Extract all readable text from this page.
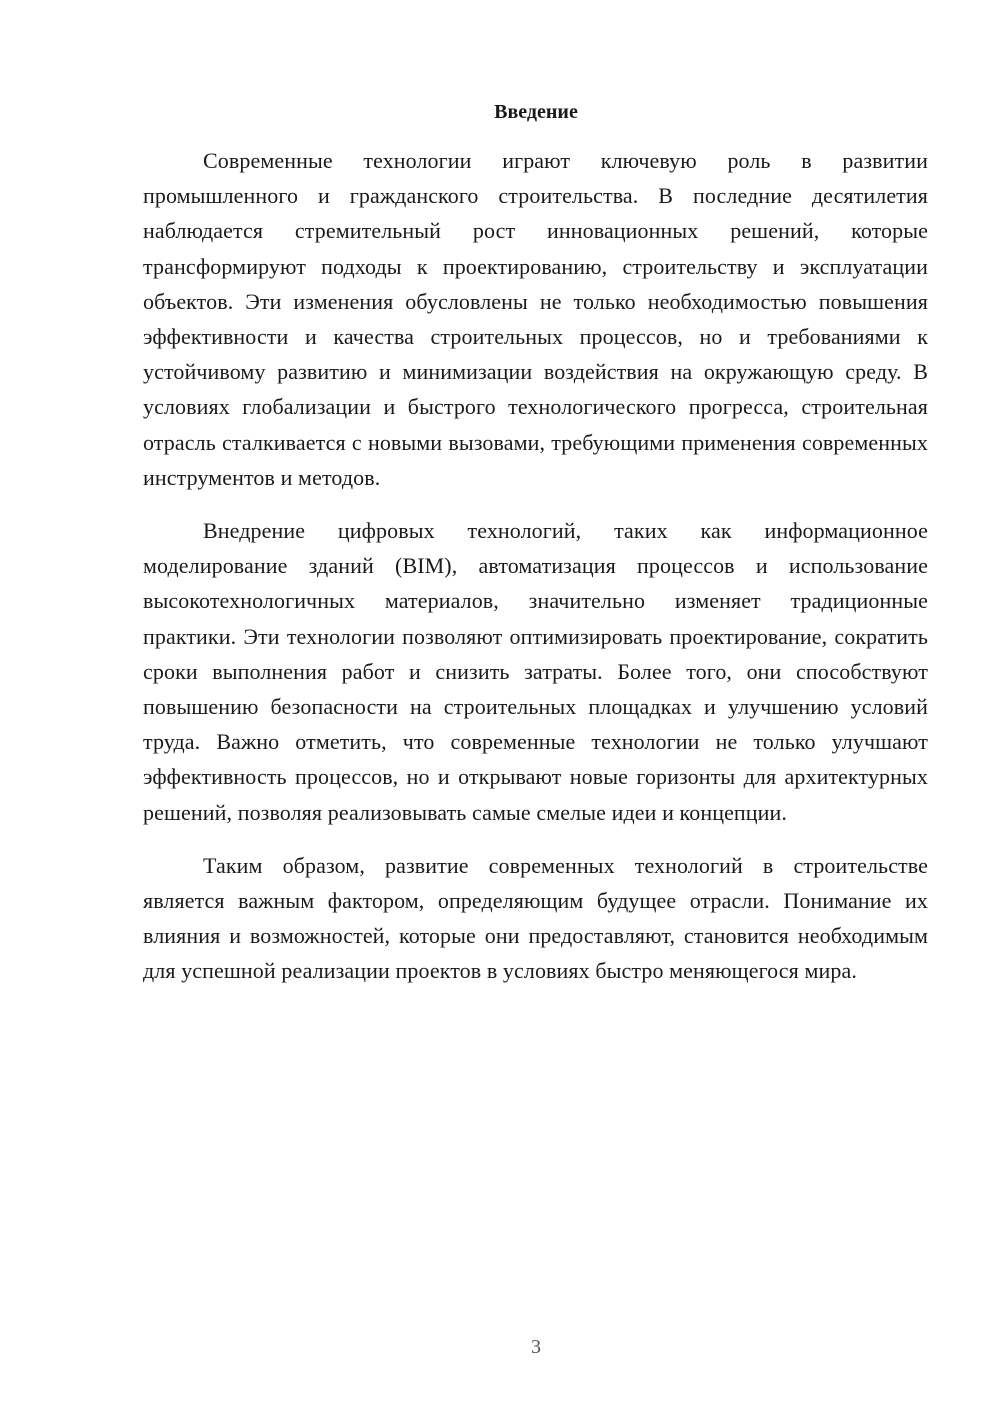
Введение

Современные технологии играют ключевую роль в развитии промышленного и гражданского строительства. В последние десятилетия наблюдается стремительный рост инновационных решений, которые трансформируют подходы к проектированию, строительству и эксплуатации объектов. Эти изменения обусловлены не только необходимостью повышения эффективности и качества строительных процессов, но и требованиями к устойчивому развитию и минимизации воздействия на окружающую среду. В условиях глобализации и быстрого технологического прогресса, строительная отрасль сталкивается с новыми вызовами, требующими применения современных инструментов и методов.

Внедрение цифровых технологий, таких как информационное моделирование зданий (BIM), автоматизация процессов и использование высокотехнологичных материалов, значительно изменяет традиционные практики. Эти технологии позволяют оптимизировать проектирование, сократить сроки выполнения работ и снизить затраты. Более того, они способствуют повышению безопасности на строительных площадках и улучшению условий труда. Важно отметить, что современные технологии не только улучшают эффективность процессов, но и открывают новые горизонты для архитектурных решений, позволяя реализовывать самые смелые идеи и концепции.

Таким образом, развитие современных технологий в строительстве является важным фактором, определяющим будущее отрасли. Понимание их влияния и возможностей, которые они предоставляют, становится необходимым для успешной реализации проектов в условиях быстро меняющегося мира.

3
